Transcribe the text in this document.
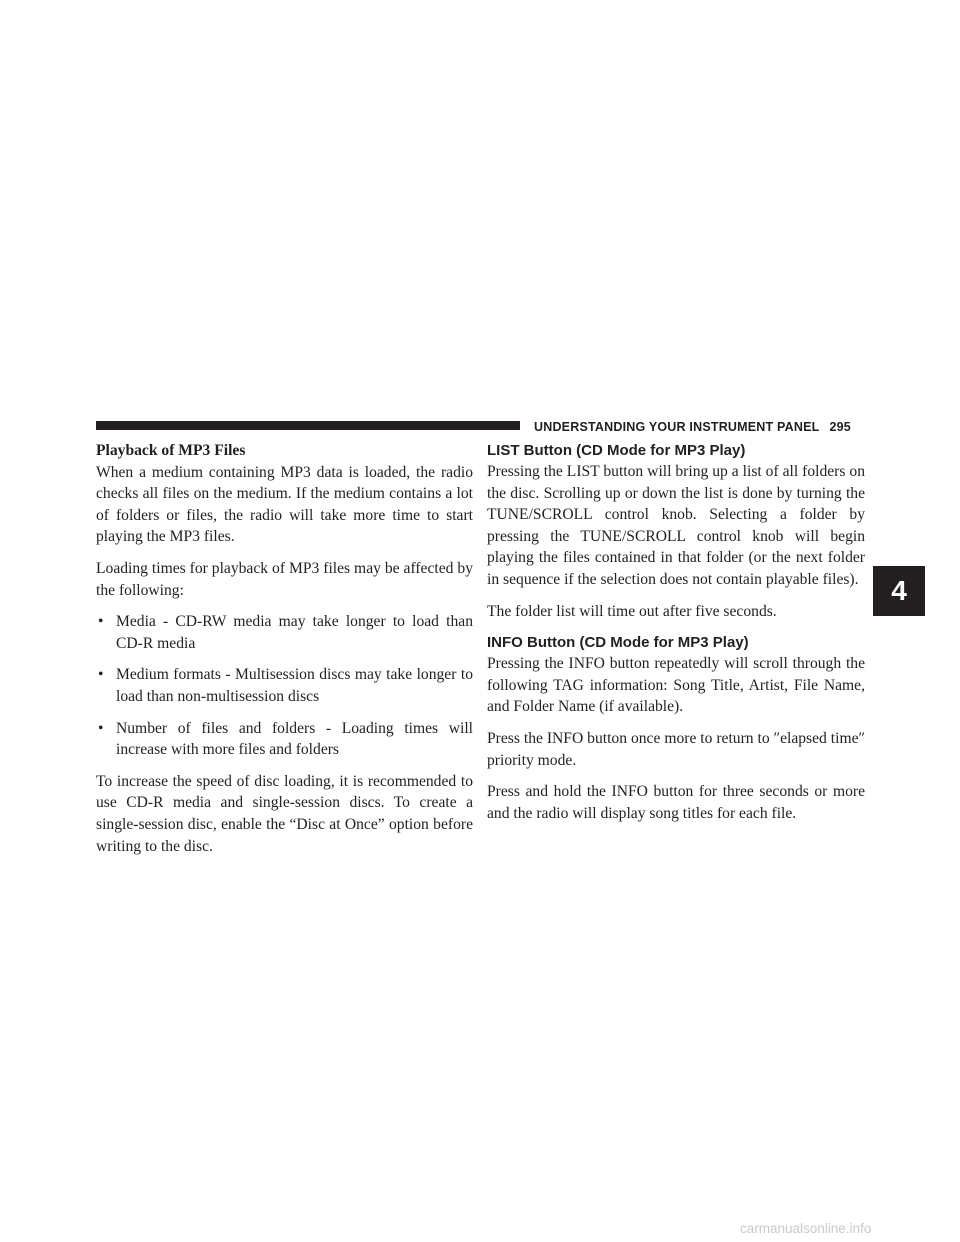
UNDERSTANDING YOUR INSTRUMENT PANEL 295
Playback of MP3 Files

When a medium containing MP3 data is loaded, the radio checks all files on the medium. If the medium contains a lot of folders or files, the radio will take more time to start playing the MP3 files.

Loading times for playback of MP3 files may be affected by the following:

• Media - CD-RW media may take longer to load than CD-R media
• Medium formats - Multisession discs may take longer to load than non-multisession discs
• Number of files and folders - Loading times will increase with more files and folders

To increase the speed of disc loading, it is recommended to use CD-R media and single-session discs. To create a single-session disc, enable the “Disc at Once” option before writing to the disc.

LIST Button (CD Mode for MP3 Play)

Pressing the LIST button will bring up a list of all folders on the disc. Scrolling up or down the list is done by turning the TUNE/SCROLL control knob. Selecting a folder by pressing the TUNE/SCROLL control knob will begin playing the files contained in that folder (or the next folder in sequence if the selection does not contain playable files).

The folder list will time out after five seconds.

INFO Button (CD Mode for MP3 Play)

Pressing the INFO button repeatedly will scroll through the following TAG information: Song Title, Artist, File Name, and Folder Name (if available).

Press the INFO button once more to return to ″elapsed time″ priority mode.

Press and hold the INFO button for three seconds or more and the radio will display song titles for each file.

4
carmanualsonline.info
